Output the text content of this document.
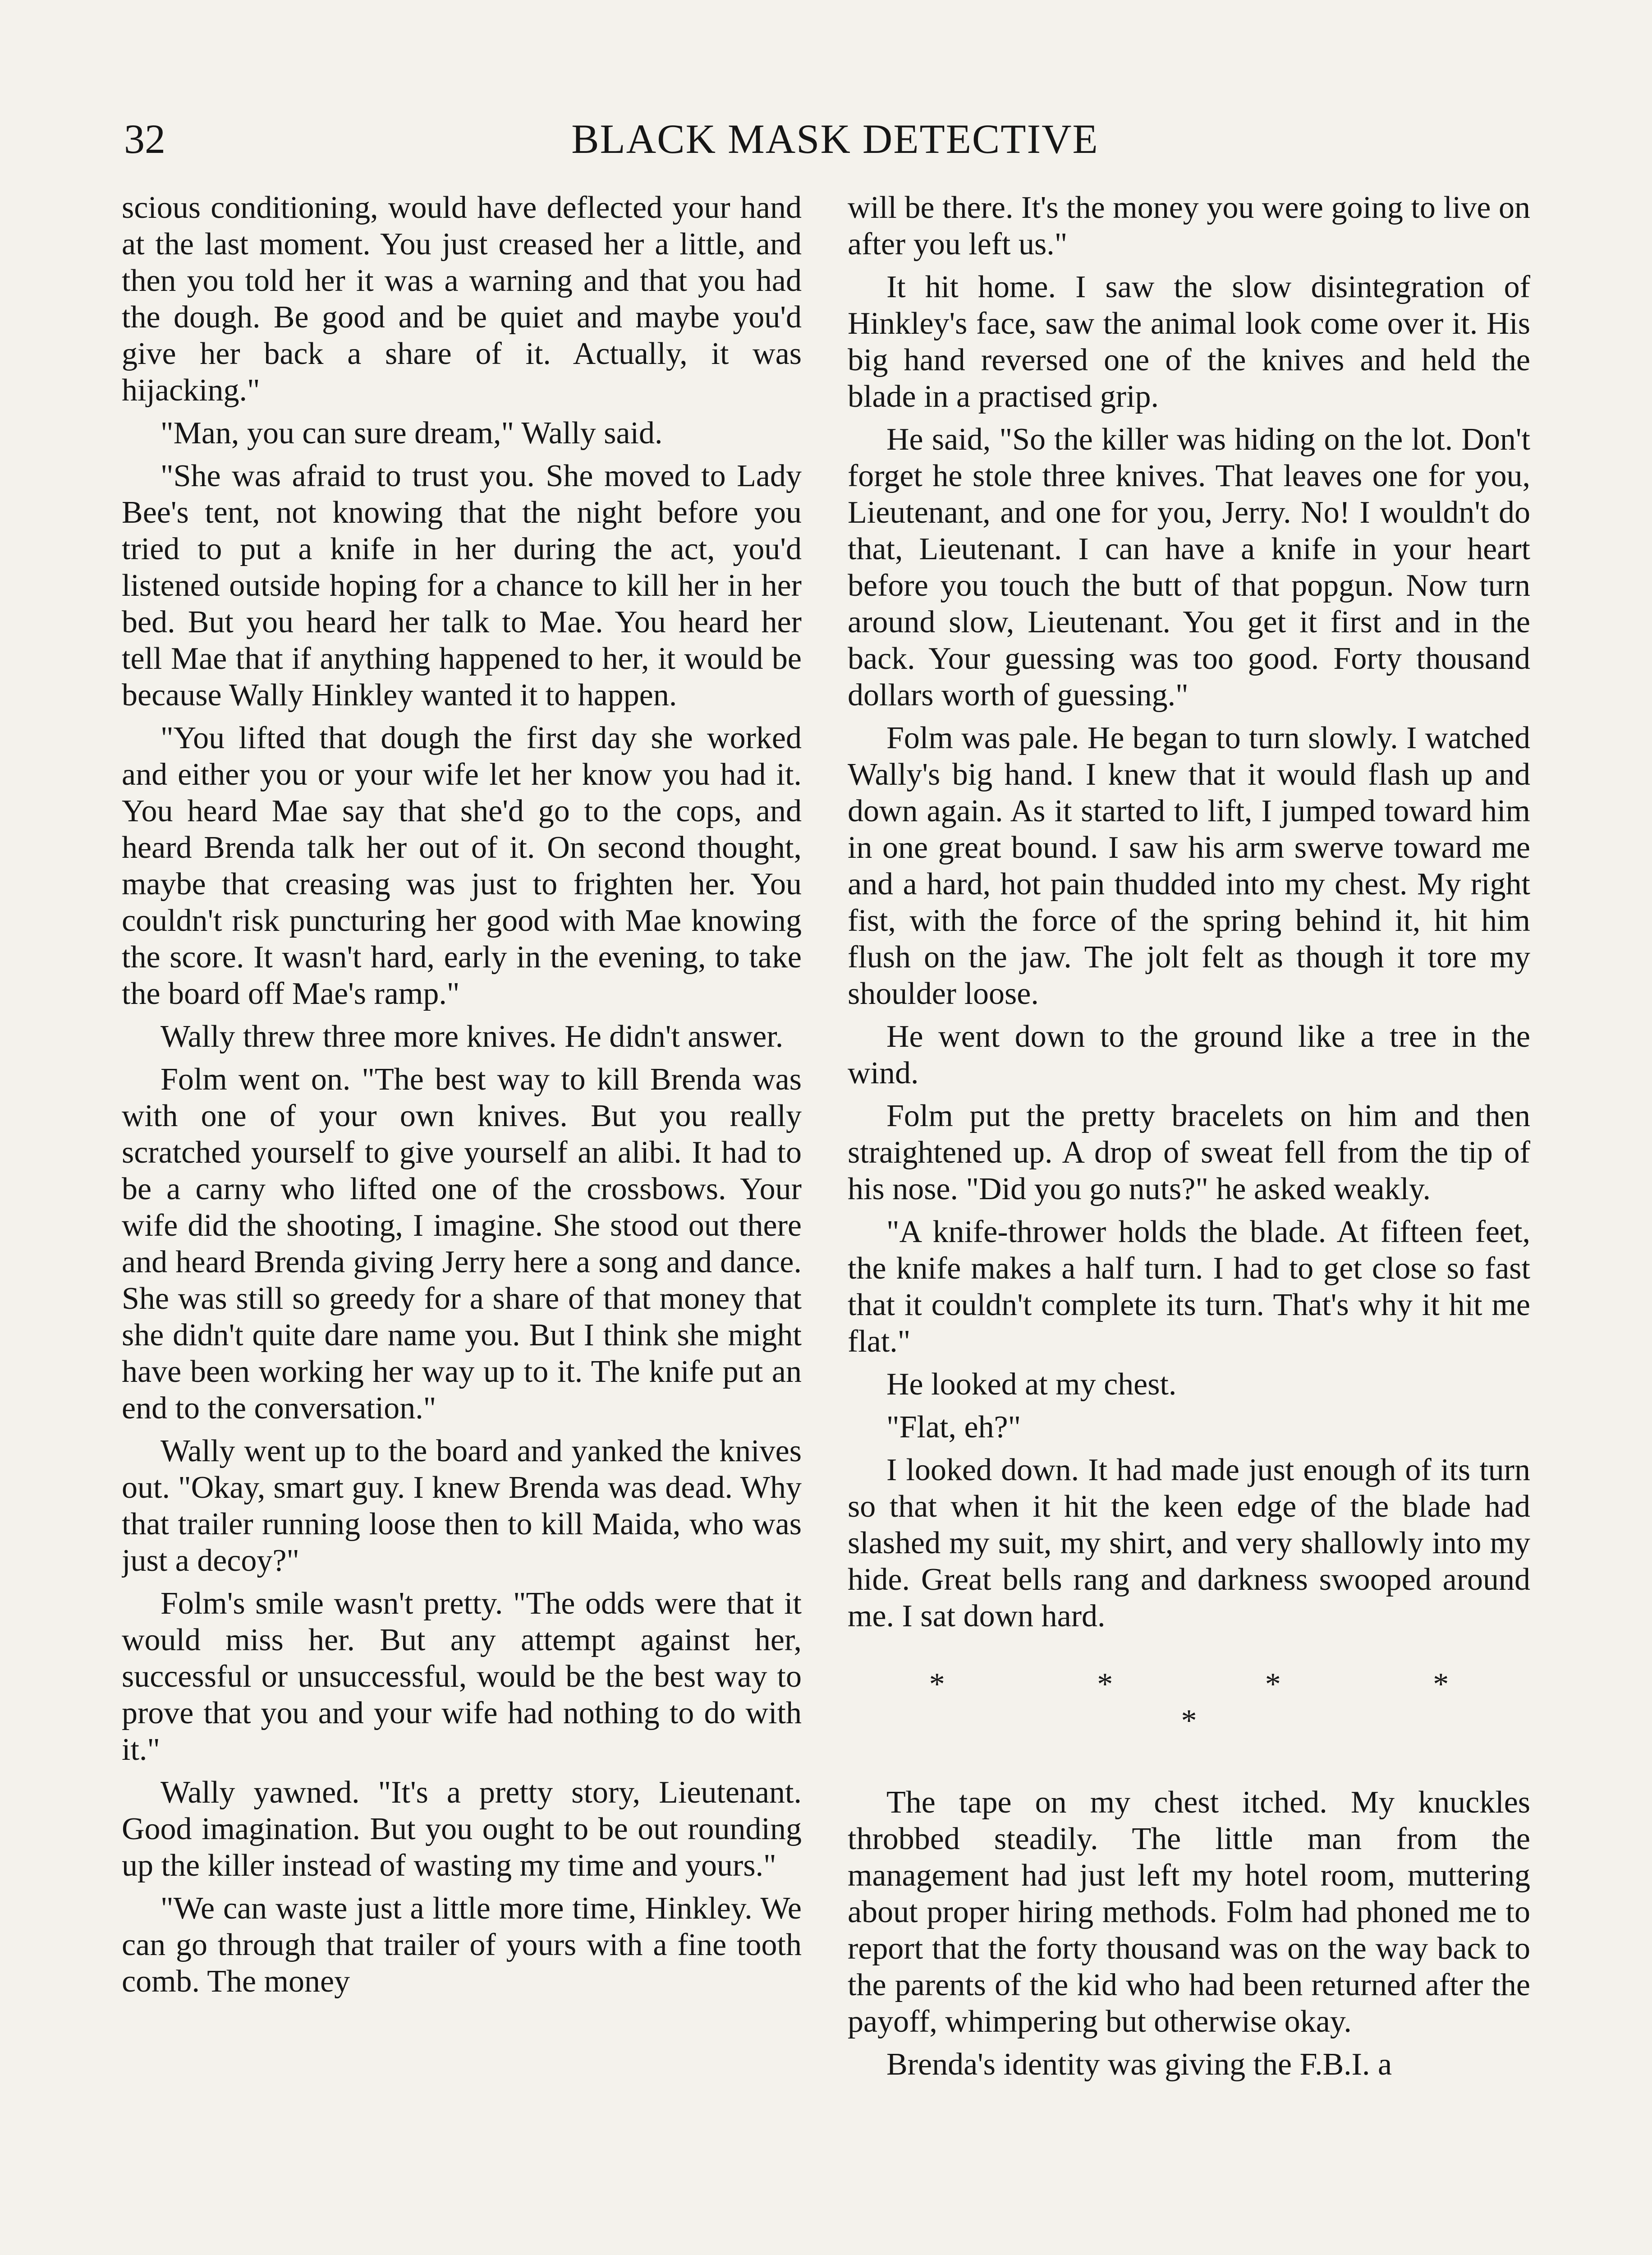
32	BLACK MASK DETECTIVE

scious conditioning, would have deflected your hand at the last moment. You just creased her a little, and then you told her it was a warning and that you had the dough. Be good and be quiet and maybe you'd give her back a share of it. Actually, it was hijacking."

"Man, you can sure dream," Wally said.

"She was afraid to trust you. She moved to Lady Bee's tent, not knowing that the night before you tried to put a knife in her during the act, you'd listened outside hoping for a chance to kill her in her bed. But you heard her talk to Mae. You heard her tell Mae that if anything happened to her, it would be because Wally Hinkley wanted it to happen.

"You lifted that dough the first day she worked and either you or your wife let her know you had it. You heard Mae say that she'd go to the cops, and heard Brenda talk her out of it. On second thought, maybe that creasing was just to frighten her. You couldn't risk puncturing her good with Mae knowing the score. It wasn't hard, early in the evening, to take the board off Mae's ramp."

Wally threw three more knives. He didn't answer.

Folm went on. "The best way to kill Brenda was with one of your own knives. But you really scratched yourself to give yourself an alibi. It had to be a carny who lifted one of the crossbows. Your wife did the shooting, I imagine. She stood out there and heard Brenda giving Jerry here a song and dance. She was still so greedy for a share of that money that she didn't quite dare name you. But I think she might have been working her way up to it. The knife put an end to the conversation."

Wally went up to the board and yanked the knives out. "Okay, smart guy. I knew Brenda was dead. Why that trailer running loose then to kill Maida, who was just a decoy?"

Folm's smile wasn't pretty. "The odds were that it would miss her. But any attempt against her, successful or unsuccessful, would be the best way to prove that you and your wife had nothing to do with it."

Wally yawned. "It's a pretty story, Lieutenant. Good imagination. But you ought to be out rounding up the killer instead of wasting my time and yours."

"We can waste just a little more time, Hinkley. We can go through that trailer of yours with a fine tooth comb. The money

will be there. It's the money you were going to live on after you left us."

It hit home. I saw the slow disintegration of Hinkley's face, saw the animal look come over it. His big hand reversed one of the knives and held the blade in a practised grip.

He said, "So the killer was hiding on the lot. Don't forget he stole three knives. That leaves one for you, Lieutenant, and one for you, Jerry. No! I wouldn't do that, Lieutenant. I can have a knife in your heart before you touch the butt of that popgun. Now turn around slow, Lieutenant. You get it first and in the back. Your guessing was too good. Forty thousand dollars worth of guessing."

Folm was pale. He began to turn slowly. I watched Wally's big hand. I knew that it would flash up and down again. As it started to lift, I jumped toward him in one great bound. I saw his arm swerve toward me and a hard, hot pain thudded into my chest. My right fist, with the force of the spring behind it, hit him flush on the jaw. The jolt felt as though it tore my shoulder loose.

He went down to the ground like a tree in the wind.

Folm put the pretty bracelets on him and then straightened up. A drop of sweat fell from the tip of his nose. "Did you go nuts?" he asked weakly.

"A knife-thrower holds the blade. At fifteen feet, the knife makes a half turn. I had to get close so fast that it couldn't complete its turn. That's why it hit me flat."

He looked at my chest.

"Flat, eh?"

I looked down. It had made just enough of its turn so that when it hit the keen edge of the blade had slashed my suit, my shirt, and very shallowly into my hide. Great bells rang and darkness swooped around me. I sat down hard.

* * * * *

The tape on my chest itched. My knuckles throbbed steadily. The little man from the management had just left my hotel room, muttering about proper hiring methods. Folm had phoned me to report that the forty thousand was on the way back to the parents of the kid who had been returned after the payoff, whimpering but otherwise okay.

Brenda's identity was giving the F.B.I. a
